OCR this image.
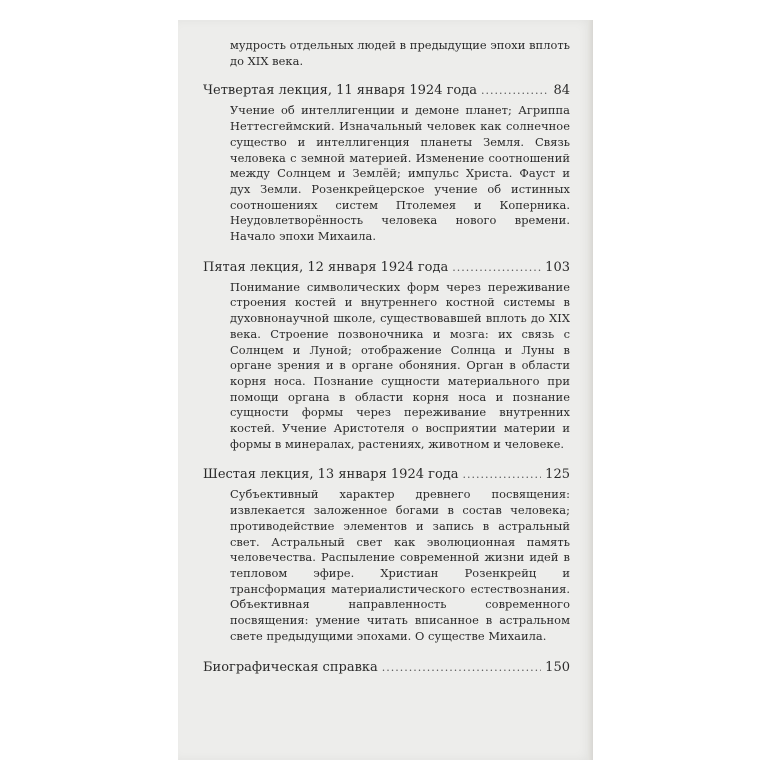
мудрость отдельных людей в предыдущие эпохи вплоть до XIX века.

Четвертая лекция, 11 января 1924 года .....	84

Учение об интеллигенции и демоне планет; Агриппа Неттесгеймский. Изначальный человек как солнечное существо и интеллигенция планеты Земля. Связь человека с земной материей. Изменение соотношений между Солнцем и Землёй; импульс Христа. Фауст и дух Земли. Розенкрейцерское учение об истинных соотношениях систем Птолемея и Коперника. Неудовлетворённость человека нового времени. Начало эпохи Михаила.

Пятая лекция, 12 января 1924 года .....	103

Понимание символических форм через переживание строения костей и внутреннего костной системы в духовнонаучной школе, существовавшей вплоть до XIX века. Строение позвоночника и мозга: их связь с Солнцем и Луной; отображение Солнца и Луны в органе зрения и в органе обоняния. Орган в области корня носа. Познание сущности материального при помощи органа в области корня носа и познание сущности формы через переживание внутренних костей. Учение Аристотеля о восприятии материи и формы в минералах, растениях, животном и человеке.

Шестая лекция, 13 января 1924 года .....	125

Субъективный характер древнего посвящения: извлекается заложенное богами в состав человека; противодействие элементов и запись в астральный свет. Астральный свет как эволюционная память человечества. Распыление современной жизни идей в тепловом эфире. Христиан Розенкрейц и трансформация материалистического естествознания. Объективная направленность современного посвящения: умение читать вписанное в астральном свете предыдущими эпохами. О существе Михаила.

Биографическая справка .....	150
